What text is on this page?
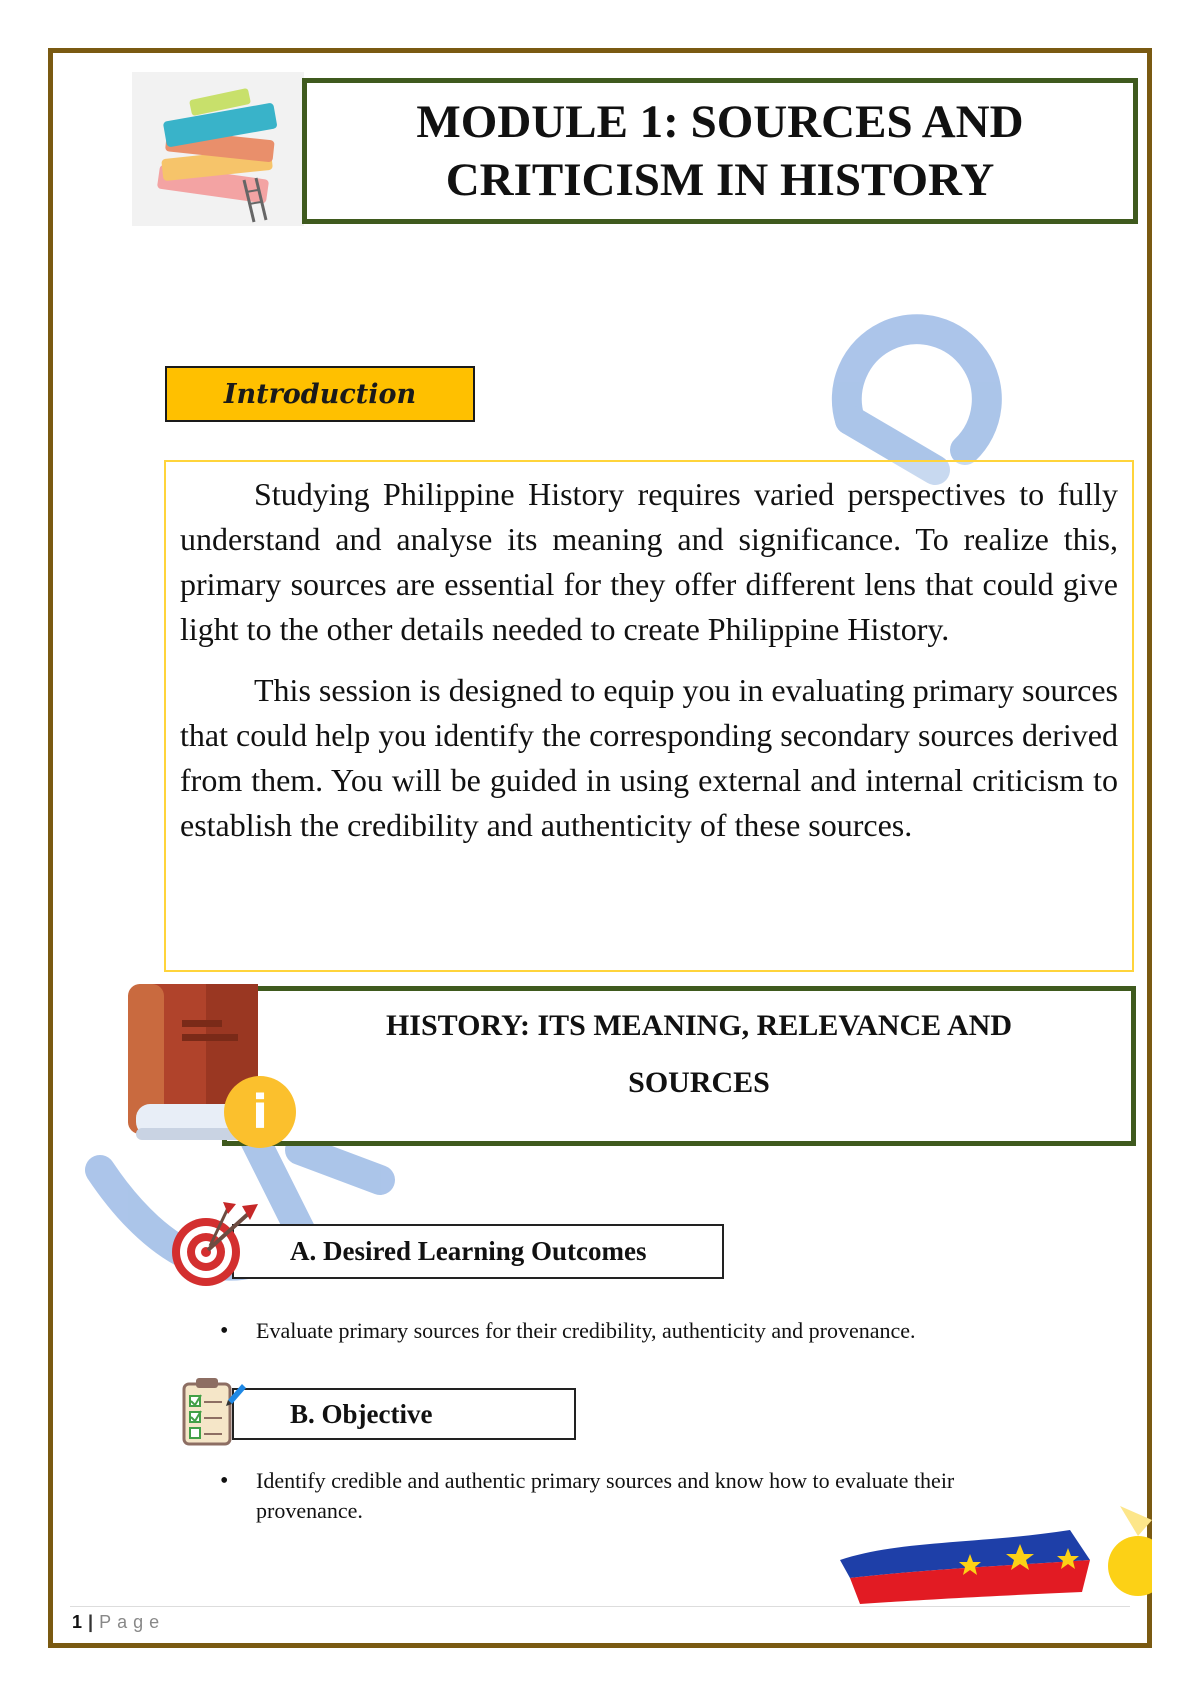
MODULE 1: SOURCES AND
CRITICISM IN HISTORY
Introduction

Studying Philippine History requires varied perspectives to fully understand and analyse its meaning and significance. To realize this, primary sources are essential for they offer different lens that could give light to the other details needed to create Philippine History.

This session is designed to equip you in evaluating primary sources that could help you identify the corresponding secondary sources derived from them. You will be guided in using external and internal criticism to establish the credibility and authenticity of these sources.

HISTORY: ITS MEANING, RELEVANCE AND
SOURCES
i
A. Desired Learning Outcomes
• Evaluate primary sources for their credibility, authenticity and provenance.
B. Objective
• Identify credible and authentic primary sources and know how to evaluate their provenance.
1 | Page
